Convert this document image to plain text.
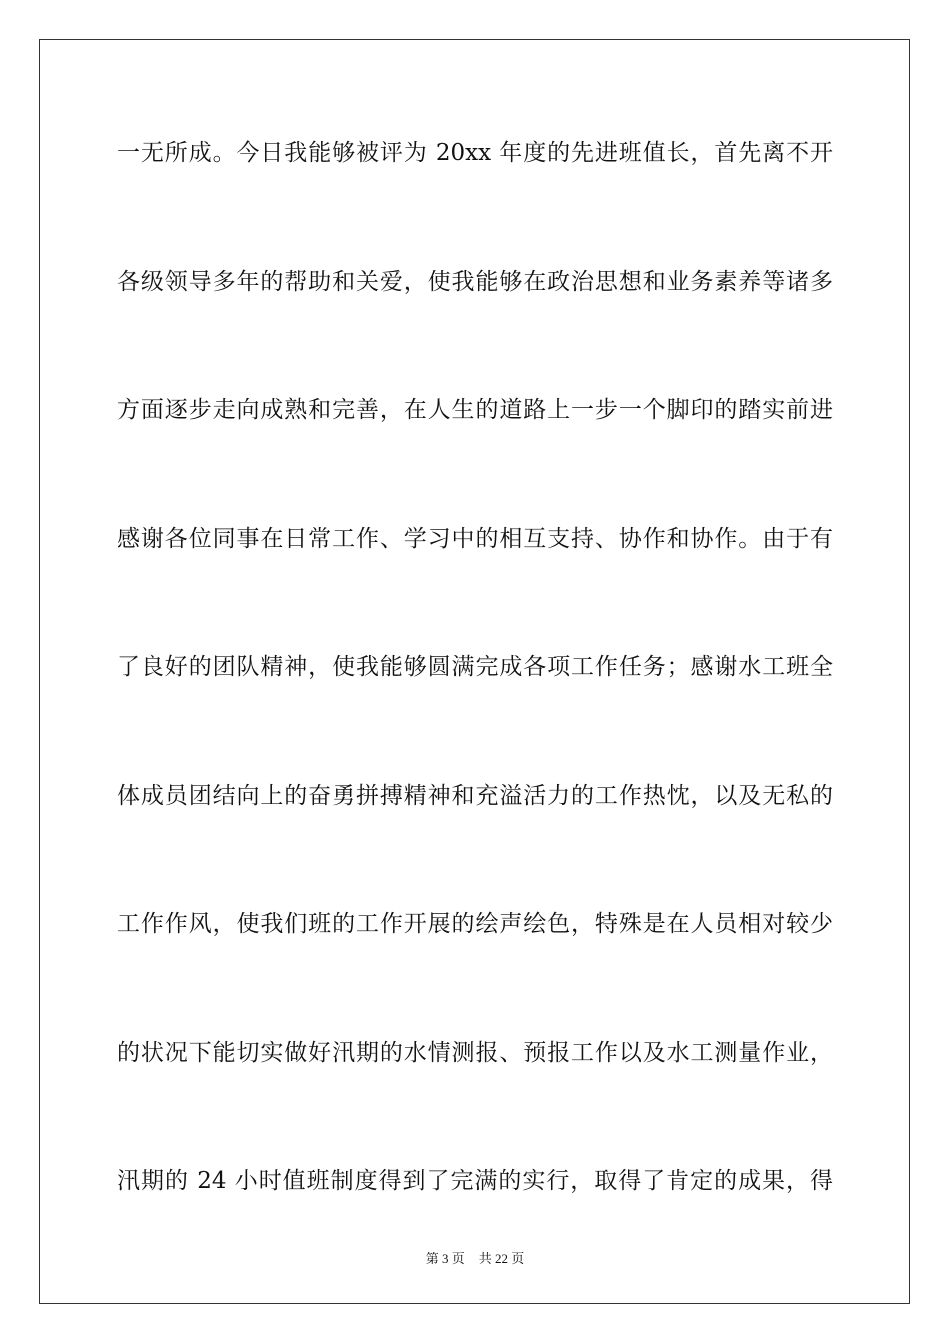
一无所成。今日我能够被评为 20xx 年度的先进班值长，首先离不开
各级领导多年的帮助和关爱，使我能够在政治思想和业务素养等诸多
方面逐步走向成熟和完善，在人生的道路上一步一个脚印的踏实前进
感谢各位同事在日常工作、学习中的相互支持、协作和协作。由于有
了良好的团队精神，使我能够圆满完成各项工作任务；感谢水工班全
体成员团结向上的奋勇拼搏精神和充溢活力的工作热忱，以及无私的
工作作风，使我们班的工作开展的绘声绘色，特殊是在人员相对较少
的状况下能切实做好汛期的水情测报、预报工作以及水工测量作业，
汛期的 24 小时值班制度得到了完满的实行，取得了肯定的成果，得
第 3 页 共 22 页
